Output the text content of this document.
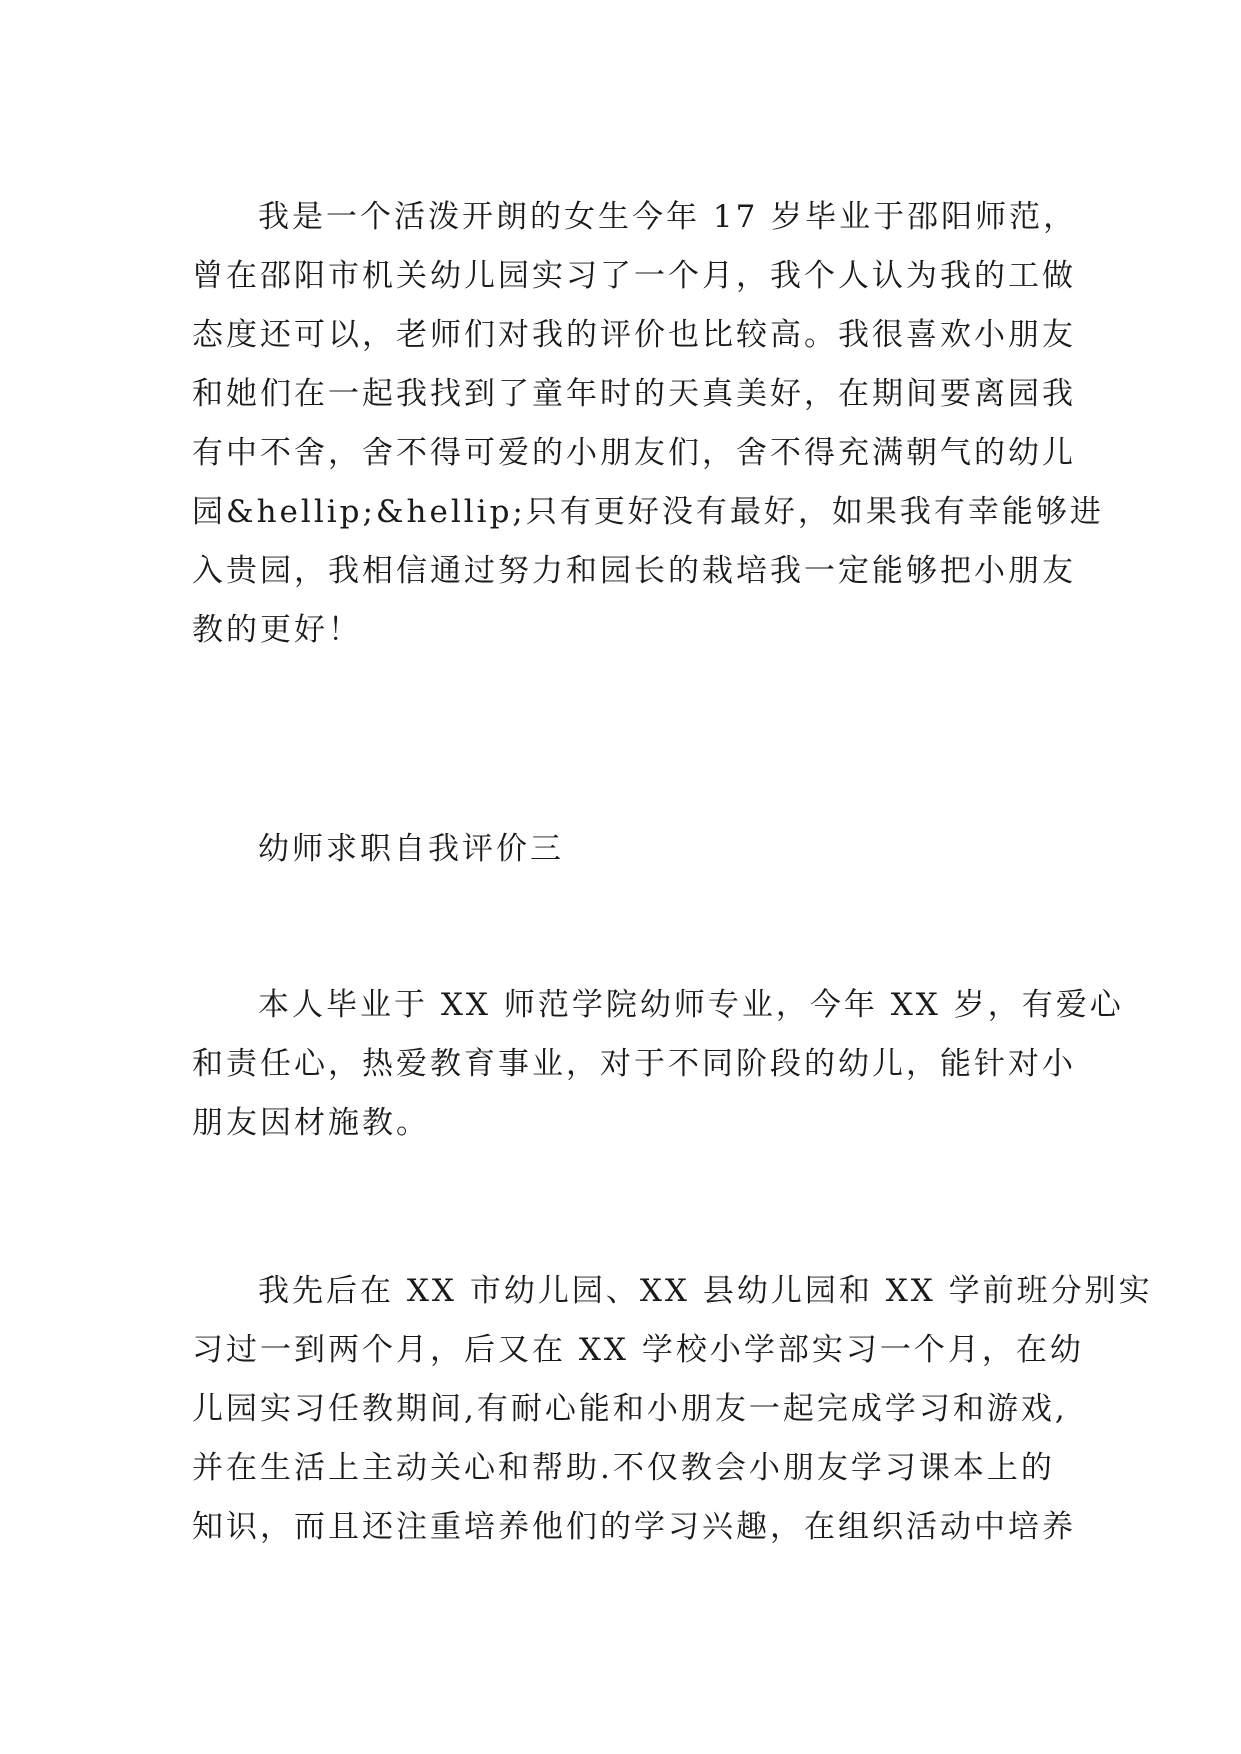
我是一个活泼开朗的女生今年 17 岁毕业于邵阳师范，
曾在邵阳市机关幼儿园实习了一个月，我个人认为我的工做
态度还可以，老师们对我的评价也比较高。我很喜欢小朋友
和她们在一起我找到了童年时的天真美好，在期间要离园我
有中不舍，舍不得可爱的小朋友们，舍不得充满朝气的幼儿
园&hellip;&hellip;只有更好没有最好，如果我有幸能够进
入贵园，我相信通过努力和园长的栽培我一定能够把小朋友
教的更好！
幼师求职自我评价三
本人毕业于 XX 师范学院幼师专业，今年 XX 岁，有爱心
和责任心，热爱教育事业，对于不同阶段的幼儿，能针对小
朋友因材施教。
我先后在 XX 市幼儿园、XX 县幼儿园和 XX 学前班分别实
习过一到两个月，后又在 XX 学校小学部实习一个月，在幼
儿园实习任教期间,有耐心能和小朋友一起完成学习和游戏,
并在生活上主动关心和帮助.不仅教会小朋友学习课本上的
知识，而且还注重培养他们的学习兴趣，在组织活动中培养
